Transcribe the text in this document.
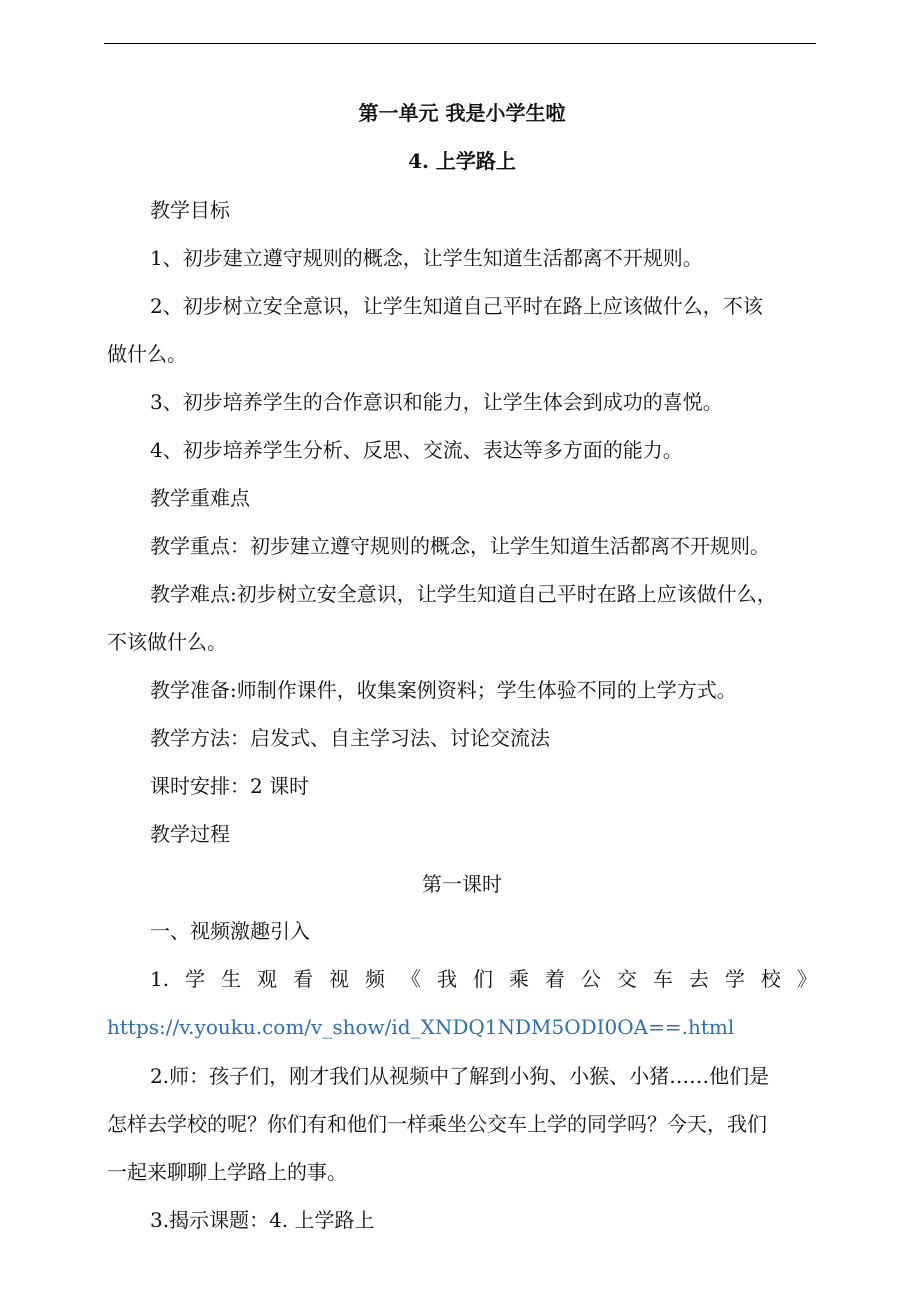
第一单元 我是小学生啦
4. 上学路上
教学目标
1、初步建立遵守规则的概念，让学生知道生活都离不开规则。
2、初步树立安全意识，让学生知道自己平时在路上应该做什么，不该
做什么。
3、初步培养学生的合作意识和能力，让学生体会到成功的喜悦。
4、初步培养学生分析、反思、交流、表达等多方面的能力。
教学重难点
教学重点：初步建立遵守规则的概念，让学生知道生活都离不开规则。
教学难点:初步树立安全意识，让学生知道自己平时在路上应该做什么，
不该做什么。
教学准备:师制作课件，收集案例资料；学生体验不同的上学方式。
教学方法：启发式、自主学习法、讨论交流法
课时安排：2 课时
教学过程
第一课时
一、视频激趣引入
1. 学 生 观 看 视 频 《 我 们 乘 着 公 交 车 去 学 校 》
https://v.youku.com/v_show/id_XNDQ1NDM5ODI0OA==.html
2.师：孩子们，刚才我们从视频中了解到小狗、小猴、小猪……他们是
怎样去学校的呢？你们有和他们一样乘坐公交车上学的同学吗？今天，我们
一起来聊聊上学路上的事。
3.揭示课题：4. 上学路上
